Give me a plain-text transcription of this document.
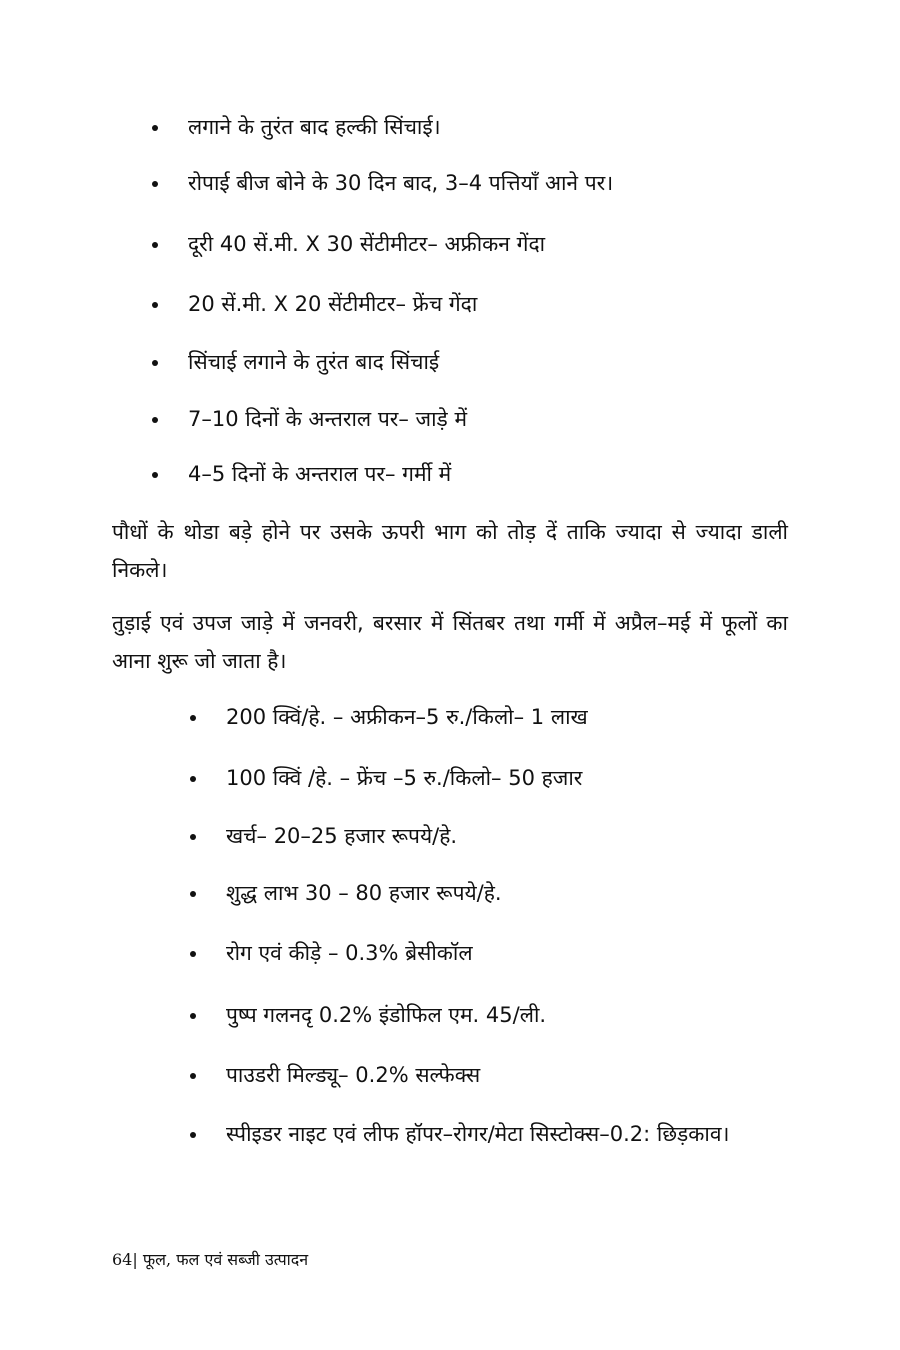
लगाने के तुरंत बाद हल्की सिंचाई।
रोपाई बीज बोने के 30 दिन बाद, 3–4 पत्तियाँ आने पर।
दूरी 40 सें.मी. X 30 सेंटीमीटर– अफ्रीकन गेंदा
20 सें.मी. X 20 सेंटीमीटर– फ्रेंच गेंदा
सिंचाई लगाने के तुरंत बाद सिंचाई
7–10 दिनों के अन्तराल पर– जाड़े में
4–5 दिनों के अन्तराल पर– गर्मी में

पौधों के थोडा बड़े होने पर उसके ऊपरी भाग को तोड़ दें ताकि ज्यादा से ज्यादा डाली निकले।

तुड़ाई एवं उपज जाड़े में जनवरी, बरसार में सिंतबर तथा गर्मी में अप्रैल–मई में फूलों का आना शुरू जो जाता है।

200 क्विं/हे. – अफ्रीकन–5 रु./किलो– 1 लाख
100 क्विं /हे. – फ्रेंच –5 रु./किलो– 50 हजार
खर्च– 20–25 हजार रूपये/हे.
शुद्ध लाभ 30 – 80 हजार रूपये/हे.
रोग एवं कीड़े – 0.3% ब्रेसीकॉल
पुष्प गलनदृ 0.2% इंडोफिल एम. 45/ली.
पाउडरी मिल्ड्यू– 0.2% सल्फेक्स
स्पीइडर नाइट एवं लीफ हॉपर–रोगर/मेटा सिस्टोक्स–0.2: छिड़काव।
64| फूल, फल एवं सब्जी उत्पादन
